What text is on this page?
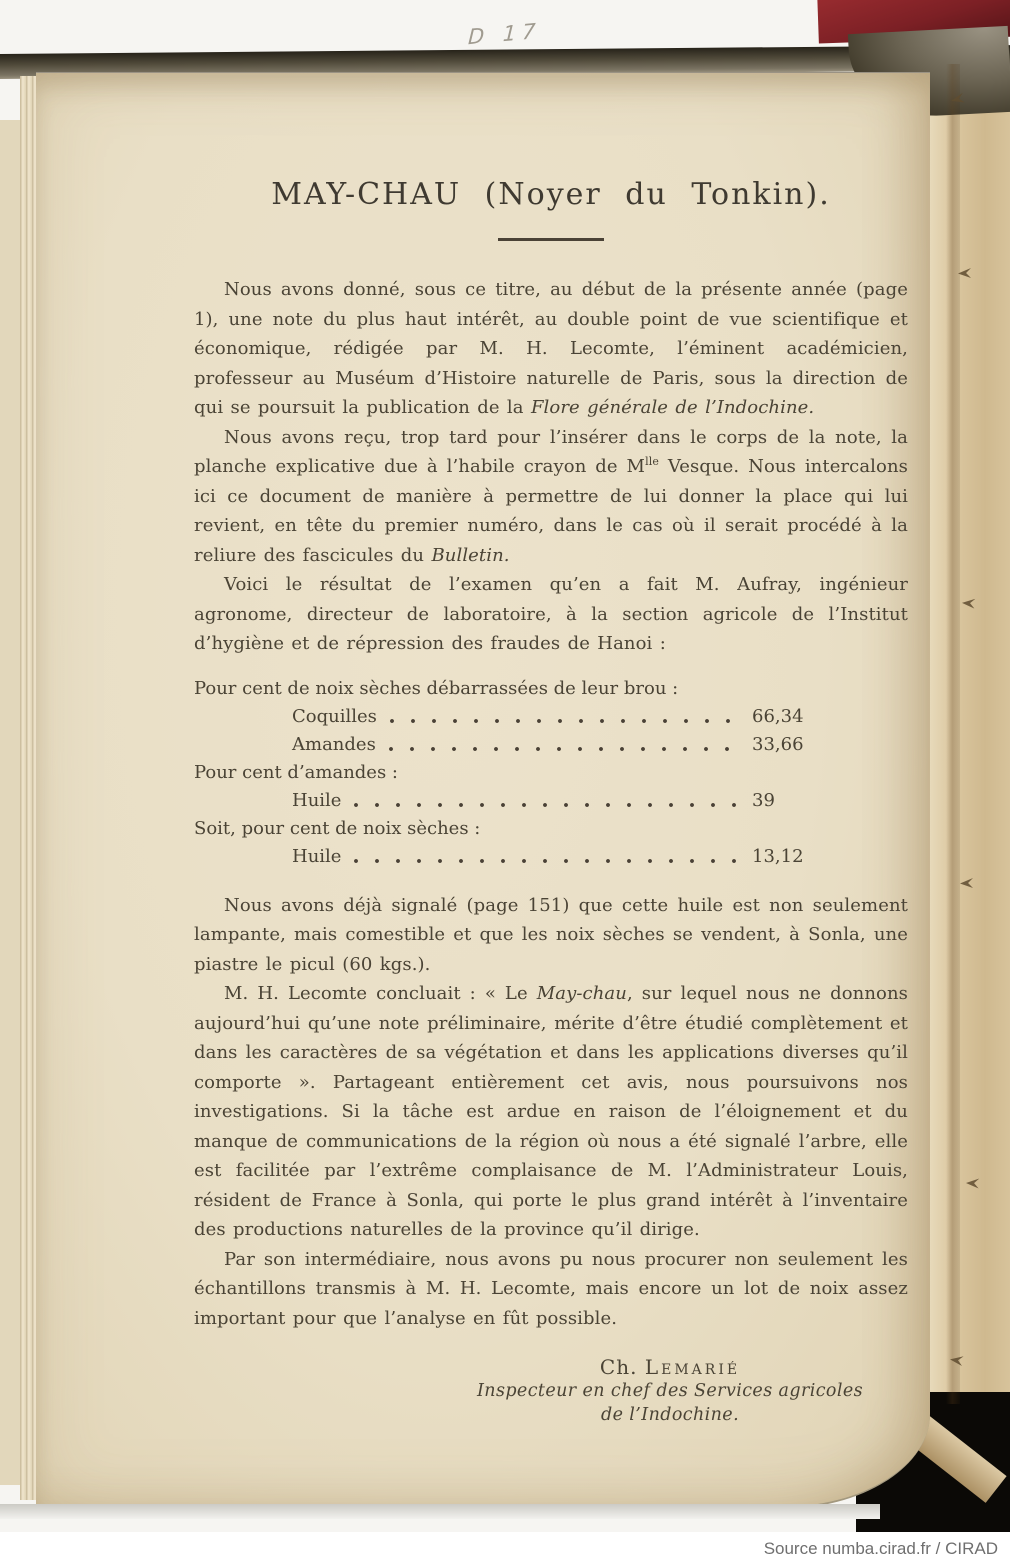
D 17
MAY-CHAU (Noyer du Tonkin).

Nous avons donné, sous ce titre, au début de la présente année (page 1), une note du plus haut intérêt, au double point de vue scientifique et économique, rédigée par M. H. Lecomte, l’éminent académicien, professeur au Muséum d’Histoire naturelle de Paris, sous la direction de qui se poursuit la publication de la Flore générale de l’Indochine.

Nous avons reçu, trop tard pour l’insérer dans le corps de la note, la planche explicative due à l’habile crayon de $M^{lle}$ Vesque. Nous intercalons ici ce document de manière à permettre de lui donner la place qui lui revient, en tête du premier numéro, dans le cas où il serait procédé à la reliure des fascicules du Bulletin.

Voici le résultat de l’examen qu’en a fait M. Aufray, ingénieur agronome, directeur de laboratoire, à la section agricole de l’Institut d’hygiène et de répression des fraudes de Hanoi :

Pour cent de noix sèches débarrassées de leur brou :
Coquilles	66,34
Amandes	33,66
Pour cent d’amandes :
Huile	39
Soit, pour cent de noix sèches :
Huile	13,12

Nous avons déjà signalé (page 151) que cette huile est non seulement lampante, mais comestible et que les noix sèches se vendent, à Sonla, une piastre le picul (60 kgs.).

M. H. Lecomte concluait : « Le May-chau, sur lequel nous ne donnons aujourd’hui qu’une note préliminaire, mérite d’être étudié complètement et dans les caractères de sa végétation et dans les applications diverses qu’il comporte ». Partageant entièrement cet avis, nous poursuivons nos investigations. Si la tâche est ardue en raison de l’éloignement et du manque de communications de la région où nous a été signalé l’arbre, elle est facilitée par l’extrême complaisance de M. l’Administrateur Louis, résident de France à Sonla, qui porte le plus grand intérêt à l’inventaire des productions naturelles de la province qu’il dirige.

Par son intermédiaire, nous avons pu nous procurer non seulement les échantillons transmis à M. H. Lecomte, mais encore un lot de noix assez important pour que l’analyse en fût possible.

Ch. Lemarié
Inspecteur en chef des Services agricoles
de l’Indochine.
Source numba.cirad.fr / CIRAD
